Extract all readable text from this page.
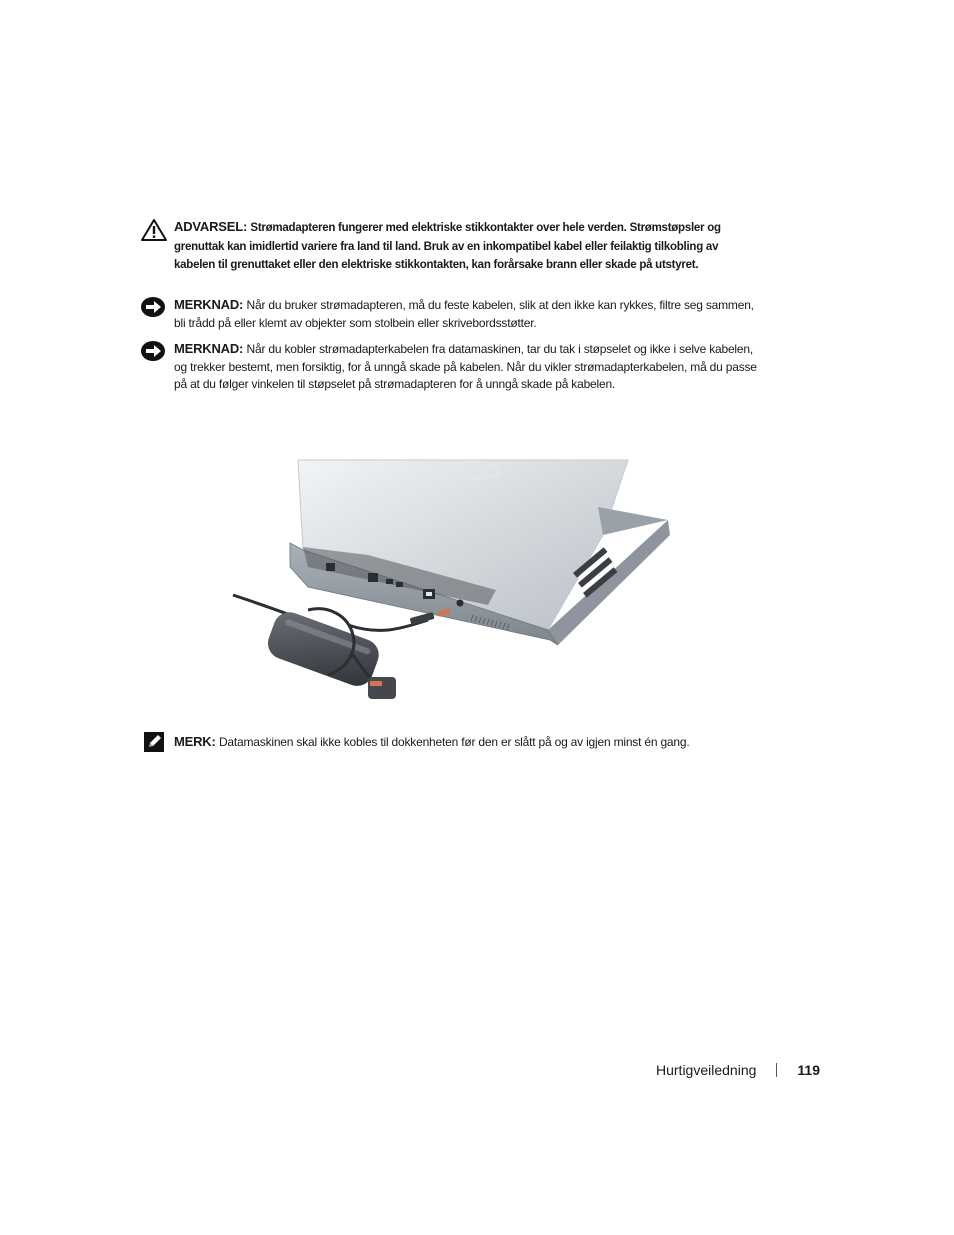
ADVARSEL: Strømadapteren fungerer med elektriske stikkontakter over hele verden. Strømstøpsler og grenuttak kan imidlertid variere fra land til land. Bruk av en inkompatibel kabel eller feilaktig tilkobling av kabelen til grenuttaket eller den elektriske stikkontakten, kan forårsake brann eller skade på utstyret.
MERKNAD: Når du bruker strømadapteren, må du feste kabelen, slik at den ikke kan rykkes, filtre seg sammen, bli trådd på eller klemt av objekter som stolbein eller skrivebordsstøtter.
MERKNAD: Når du kobler strømadapterkabelen fra datamaskinen, tar du tak i støpselet og ikke i selve kabelen, og trekker bestemt, men forsiktig, for å unngå skade på kabelen. Når du vikler strømadapterkabelen, må du passe på at du følger vinkelen til støpselet på strømadapteren for å unngå skade på kabelen.
MERK: Datamaskinen skal ikke kobles til dokkenheten før den er slått på og av igjen minst én gang.
Hurtigveiledning	119
